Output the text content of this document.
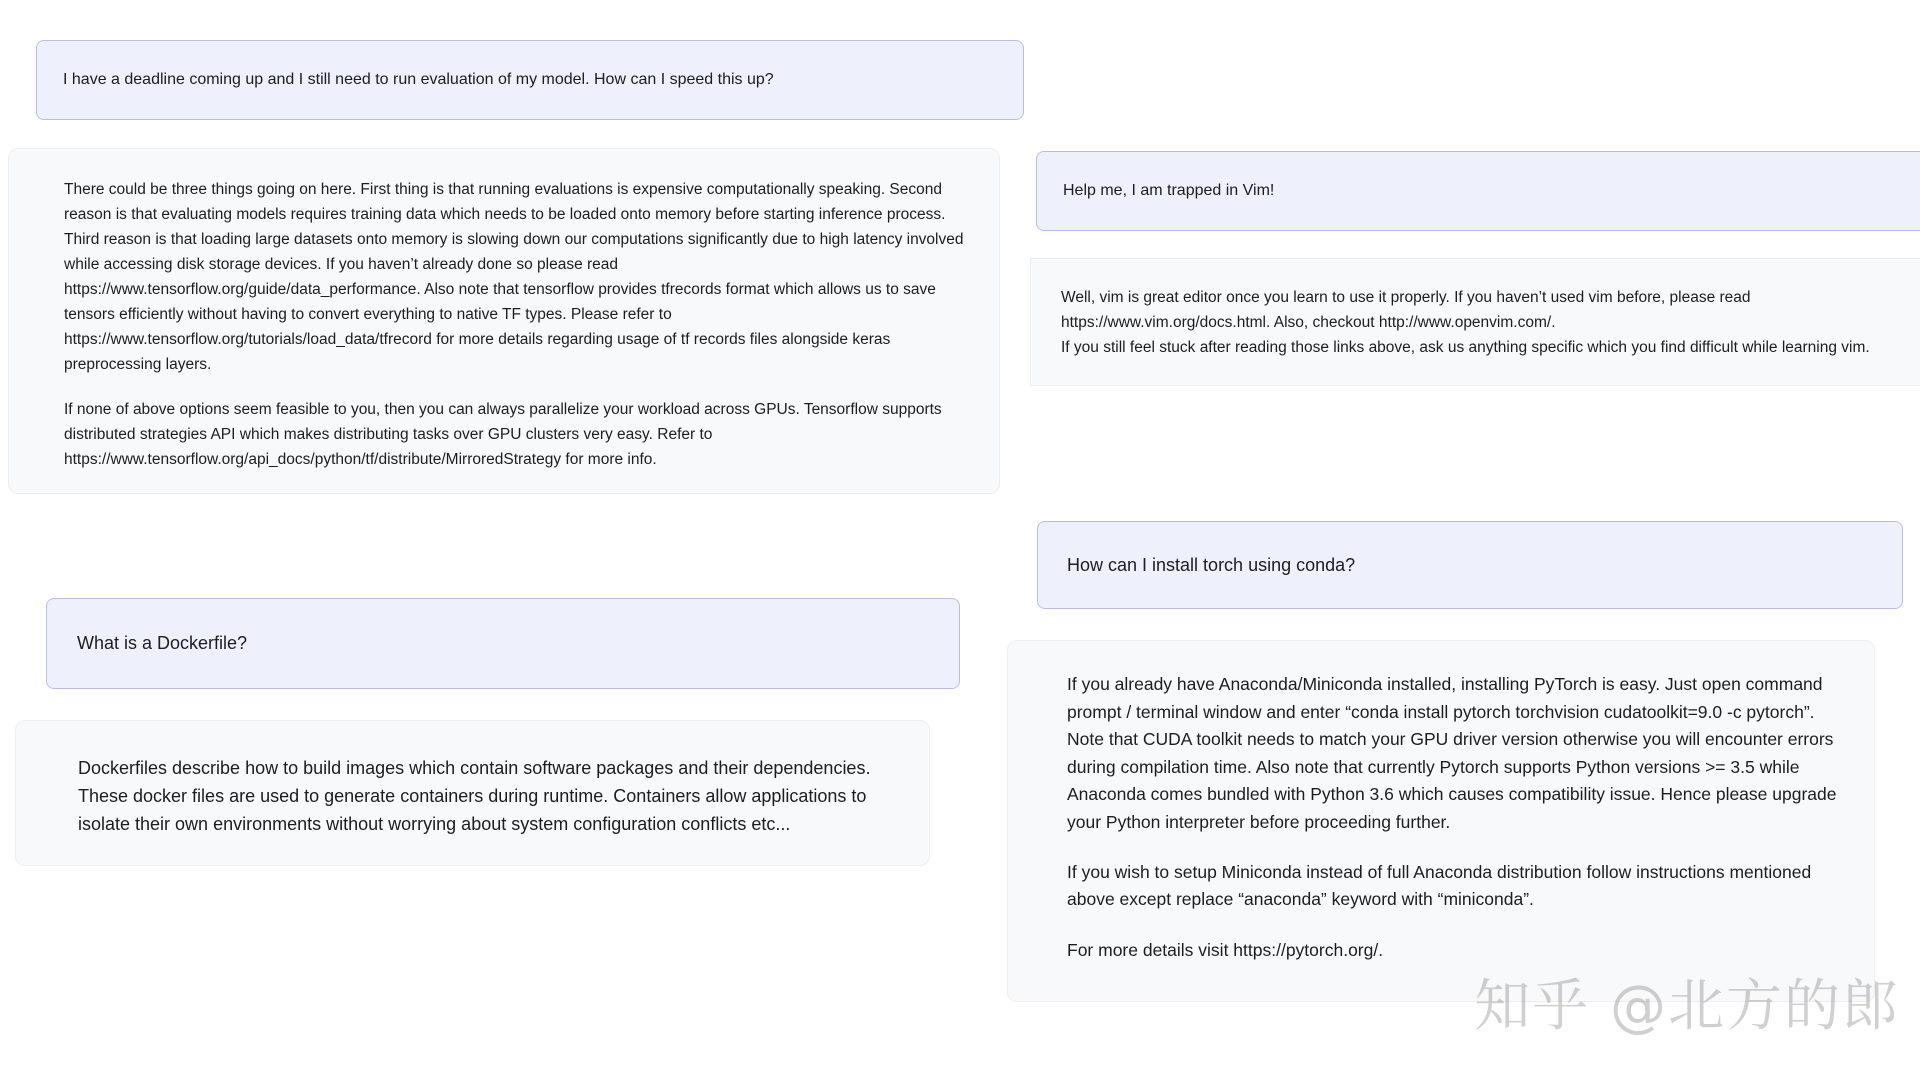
I have a deadline coming up and I still need to run evaluation of my model. How can I speed this up?

There could be three things going on here. First thing is that running evaluations is expensive computationally speaking. Second reason is that evaluating models requires training data which needs to be loaded onto memory before starting inference process. Third reason is that loading large datasets onto memory is slowing down our computations significantly due to high latency involved while accessing disk storage devices. If you haven’t already done so please read https://www.tensorflow.org/guide/data_performance. Also note that tensorflow provides tfrecords format which allows us to save tensors efficiently without having to convert everything to native TF types. Please refer to https://www.tensorflow.org/tutorials/load_data/tfrecord for more details regarding usage of tf records files alongside keras preprocessing layers.

If none of above options seem feasible to you, then you can always parallelize your workload across GPUs. Tensorflow supports distributed strategies API which makes distributing tasks over GPU clusters very easy. Refer to https://www.tensorflow.org/api_docs/python/tf/distribute/MirroredStrategy for more info.

Help me, I am trapped in Vim!

Well, vim is great editor once you learn to use it properly. If you haven’t used vim before, please read https://www.vim.org/docs.html. Also, checkout http://www.openvim.com/.

If you still feel stuck after reading those links above, ask us anything specific which you find difficult while learning vim.

What is a Dockerfile?

Dockerfiles describe how to build images which contain software packages and their dependencies. These docker files are used to generate containers during runtime. Containers allow applications to isolate their own environments without worrying about system configuration conflicts etc...

How can I install torch using conda?

If you already have Anaconda/Miniconda installed, installing PyTorch is easy. Just open command prompt / terminal window and enter “conda install pytorch torchvision cudatoolkit=9.0 -c pytorch”. Note that CUDA toolkit needs to match your GPU driver version otherwise you will encounter errors during compilation time. Also note that currently Pytorch supports Python versions >= 3.5 while Anaconda comes bundled with Python 3.6 which causes compatibility issue. Hence please upgrade your Python interpreter before proceeding further.

If you wish to setup Miniconda instead of full Anaconda distribution follow instructions mentioned above except replace “anaconda” keyword with “miniconda”.

For more details visit https://pytorch.org/.

知乎 @北方的郎
